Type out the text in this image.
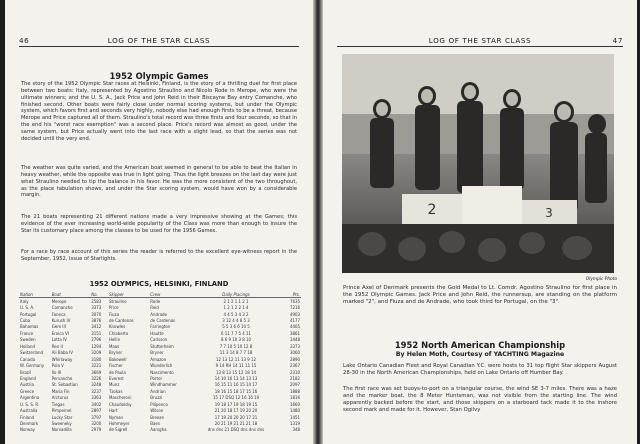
46	LOG OF THE STAR CLASS
1952 Olympic Games

The story of the 1952 Olympic Star races at Helsinki, Finland, is the story of a thrilling duel for first place between two boats: Italy, represented by Agostino Straulino and Nicolo Rode in Merope, who were the ultimate winners; and the U. S. A., Jack Price and John Reid in their Biscayne Bay entry Comanche, who finished second. Other boats were fairly close under normal scoring systems, but under the Olympic system, which favors first and seconds very highly, nobody else had enough firsts to be a threat, because Merope and Price captured all of them. Straulino's total record was three firsts and four seconds, so that in the end his "worst race exemption" was a second place. Price's record was almost as good, under the same system, but Price actually went into the last race with a slight lead, so that the series was not decided until the very end.

The weather was quite varied, and the American boat seemed in general to be able to beat the Italian in heavy weather, while the opposite was true in light going. Thus the light breezes on the last day were just what Straulino needed to tip the balance in his favor. He was the more consistent of the two throughout, as the place tabulation shows, and under the Star scoring system, would have won by a considerable margin.

The 21 boats representing 21 different nations made a very impressive showing at the Games; this evidence of the ever increasing world-wide popularity of the Class was more than enough to insure the Star its customary place among the classes to be used for the 1956 Games.

For a race by race account of this series the reader is referred to the excellent eye-witness report in the September, 1952, Issue of Starlights.

1952 OLYMPICS, HELSINKI, FINLAND
Nation	Boat	No.	Skipper	Crew	Daily Placings	Pts.
Italy	Merope	2583	Straulino	Rode	2 1 2 1 1 2 1	7635
U. S. A.	Comanche	3373	Price	Reid	1 2 1 2 2 1 4	7216
Portugal	Faneca	3070	Fiuza	Andrade	4 4 5 3 4 3 2	4903
Cuba	Kurush IV	3876	de Cardenas	de Cardenas	3 12 4 4 8 5 3	4177
Bahamas	Gem III	3412	Knowles	Farrington	5 5 3 6 6 10 5	4405
France	Eroica VI	3151	Chiaberto	Hautte	6 11 7 7 5 4 11	3861
Sweden	Lotta IV	2796	Hellin	Carlsson	8 6 9 10 3 8 10	3448
Holland	Ren II	1294	Maas	Stutterheim	7 7 10 5 10 12 8	3373
Switzerland	Ali Baba IV	3209	Bryner	Bryner	11 3 14 8 7 7 18	3060
Canada	Whirlaway	3180	Bakewell	Amazon	12 13 12 11 13 9 12	2890
W. Germany	Pola V	3221	Fischer	Wunderlich	9 14 RH 14 11 11 15	2367
Brazil	Ilo III	3669	de Paula	Nascimento	13 8 13 15 12 18 14	2310
England	Pervanche	3226	Everest	Porter	14 10 16 13 14 13 13	2182
Austria	St. Sebastian	3248	Munz	Windhammer	16 15 11 16 15 14 17	2097
Greece	Maria Fin	3237	Tzokas	Andrian	18 16 15 18 17 15 16	1888
Argentina	Arcturus	3363	Mascheroni	Bruzzi	15 17 DSQ 12 16 16 19	1816
U. S. S. R.	Tiegas	3402	Chaudolsky	Pilipenco	19 18 17 19 18 19 15	1660
Australia	Pimpernel	2897	Hart	Wilson	21 20 18 17 19 20 20	1480
Finland	Lucky Star	3797	Nyman	Breeze	17 19 20 20 20 17 21	1451
Denmark	Sweeneky	3200	Hohmeyer	Baes	20 21 19 21 21 21 18	1319
Norway	Norvadilla	2979	de Sigrell	Aarsgha	dns dns 21 DSQ dns dns dns	348
LOG OF THE STAR CLASS	47
2	3
Olympic Photo

Prince Axel of Denmark presents the Gold Medal to Lt. Comdr. Agostino Straulino for first place in the 1952 Olympic Games. Jack Price and John Reid, the runnersup, are standing on the platform marked "2", and Fiuza and de Andrade, who took third for Portugal, on the "3".

1952 North American Championship
By Helen Moth, Courtesy of YACHTING Magazine

Lake Ontario Canadian Fleet and Royal Canadian Y.C. were hosts to 31 top flight Star skippers August 28-30 in the North American Championships, held on Lake Ontario off Humber Bay.

The first race was set buoys-to-port on a triangular course, the wind SE 3-7 miles. There was a haze and the marker boat, the 8 Meter Huntsman, was not visible from the starting line. The wind apparently backed before the start, and those skippers on a starboard tack made it to the inshore second mark and made for it. However, Stan Ogilvy
